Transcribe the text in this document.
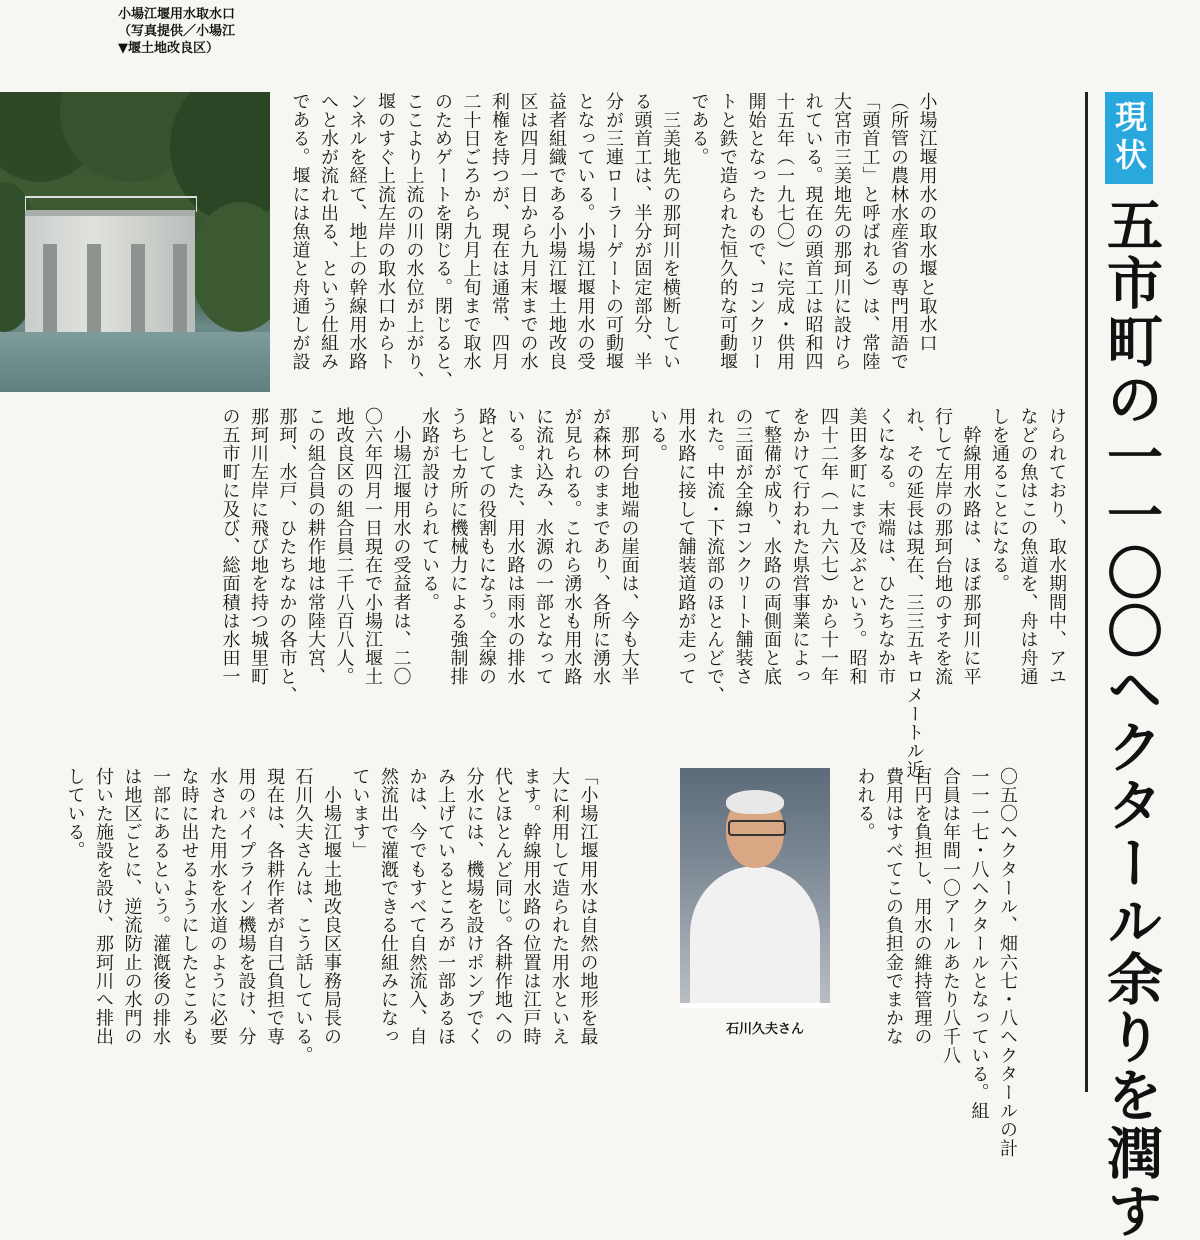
小場江堰用水取水口
（写真提供／小場江
▼堰土地改良区）
現状
五市町の一一〇〇ヘクタール余りを潤す
小場江堰用水の取水堰と取水口
（所管の農林水産省の専門用語で
「頭首工」と呼ばれる）は、常陸
大宮市三美地先の那珂川に設けら
れている。現在の頭首工は昭和四
十五年（一九七〇）に完成・供用
開始となったもので、コンクリー
トと鉄で造られた恒久的な可動堰
である。
　三美地先の那珂川を横断してい
る頭首工は、半分が固定部分、半
分が三連ローラーゲートの可動堰
となっている。小場江堰用水の受
益者組織である小場江堰土地改良
区は四月一日から九月末までの水
利権を持つが、現在は通常、四月
二十日ごろから九月上旬まで取水
のためゲートを閉じる。閉じると、
ここより上流の川の水位が上がり、
堰のすぐ上流左岸の取水口からト
ンネルを経て、地上の幹線用水路
へと水が流れ出る、という仕組み
である。堰には魚道と舟通しが設
けられており、取水期間中、アユ
などの魚はこの魚道を、舟は舟通
しを通ることになる。
　幹線用水路は、ほぼ那珂川に平
行して左岸の那珂台地のすそを流
れ、その延長は現在、三三五キロメートル近
くになる。末端は、ひたちなか市
美田多町にまで及ぶという。昭和
四十二年（一九六七）から十一年
をかけて行われた県営事業によっ
て整備が成り、水路の両側面と底
の三面が全線コンクリート舗装さ
れた。中流・下流部のほとんどで、
用水路に接して舗装道路が走って
いる。
　那珂台地端の崖面は、今も大半
が森林のままであり、各所に湧水
が見られる。これら湧水も用水路
に流れ込み、水源の一部となって
いる。また、用水路は雨水の排水
路としての役割もになう。全線の
うち七カ所に機械力による強制排
水路が設けられている。
　小場江堰用水の受益者は、二〇
〇六年四月一日現在で小場江堰土
地改良区の組合員二千八百八人。
この組合員の耕作地は常陸大宮、
那珂、水戸、ひたちなかの各市と、
那珂川左岸に飛び地を持つ城里町
の五市町に及び、総面積は水田一
〇五〇ヘクタール、畑六七・八ヘクタールの計
一一一七・八ヘクタールとなっている。組
合員は年間一〇アールあたり八千八
百円を負担し、用水の維持管理の
費用はすべてこの負担金でまかな
われる。
「小場江堰用水は自然の地形を最
大に利用して造られた用水といえ
ます。幹線用水路の位置は江戸時
代とほとんど同じ。各耕作地への
分水には、機場を設けポンプでく
み上げているところが一部あるほ
かは、今でもすべて自然流入、自
然流出で灌漑できる仕組みになっ
ています」
　小場江堰土地改良区事務局長の
石川久夫さんは、こう話している。
現在は、各耕作者が自己負担で専
用のパイプライン機場を設け、分
水された用水を水道のように必要
な時に出せるようにしたところも
一部にあるという。灌漑後の排水
は地区ごとに、逆流防止の水門の
付いた施設を設け、那珂川へ排出
している。
石川久夫さん
